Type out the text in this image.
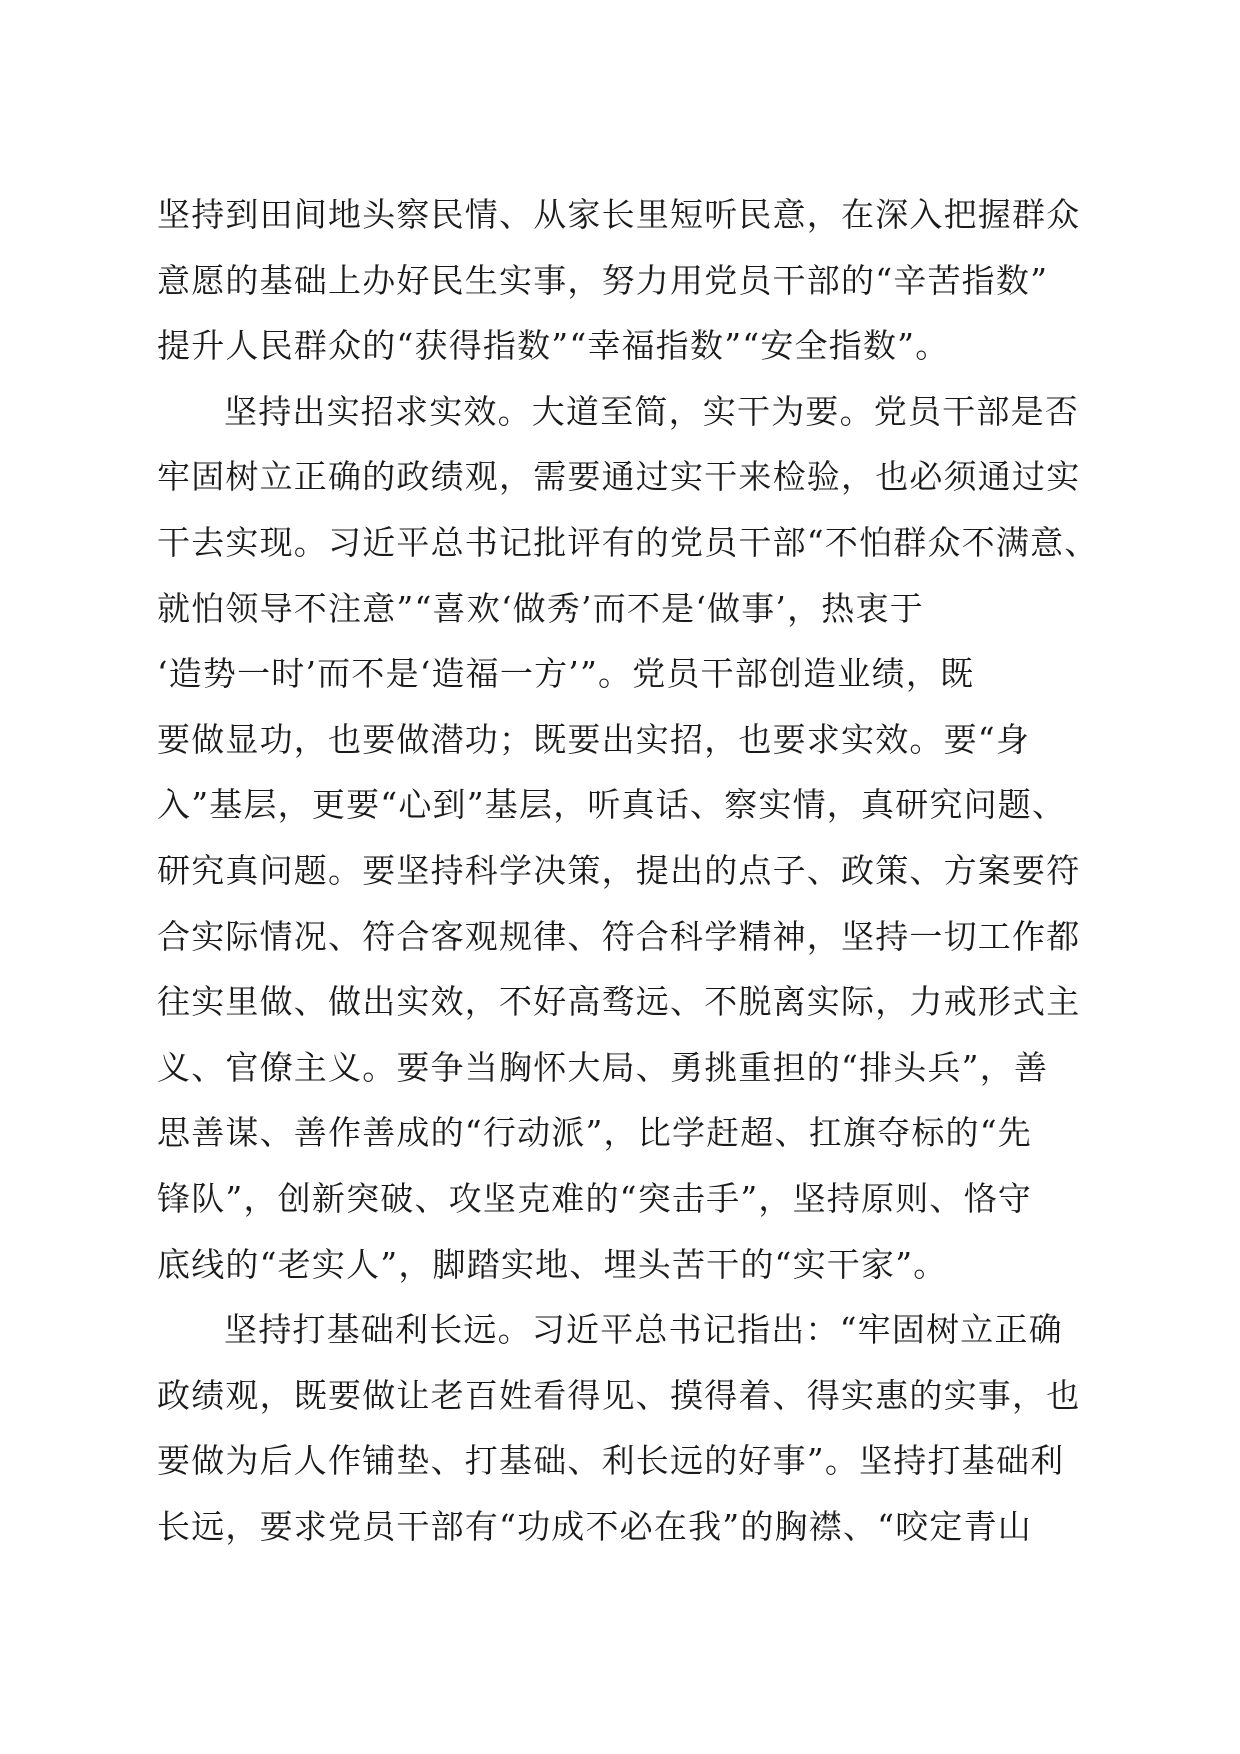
坚持到田间地头察民情、从家长里短听民意，在深入把握群众
意愿的基础上办好民生实事，努力用党员干部的“辛苦指数”
提升人民群众的“获得指数”“幸福指数”“安全指数”。
坚持出实招求实效。大道至简，实干为要。党员干部是否
牢固树立正确的政绩观，需要通过实干来检验，也必须通过实
干去实现。习近平总书记批评有的党员干部“不怕群众不满意、
就怕领导不注意”“喜欢‘做秀’而不是‘做事’，热衷于
‘造势一时’而不是‘造福一方’”。党员干部创造业绩，既
要做显功，也要做潜功；既要出实招，也要求实效。要“身
入”基层，更要“心到”基层，听真话、察实情，真研究问题、
研究真问题。要坚持科学决策，提出的点子、政策、方案要符
合实际情况、符合客观规律、符合科学精神，坚持一切工作都
往实里做、做出实效，不好高骛远、不脱离实际，力戒形式主
义、官僚主义。要争当胸怀大局、勇挑重担的“排头兵”，善
思善谋、善作善成的“行动派”，比学赶超、扛旗夺标的“先
锋队”，创新突破、攻坚克难的“突击手”，坚持原则、恪守
底线的“老实人”，脚踏实地、埋头苦干的“实干家”。
坚持打基础利长远。习近平总书记指出：“牢固树立正确
政绩观，既要做让老百姓看得见、摸得着、得实惠的实事，也
要做为后人作铺垫、打基础、利长远的好事”。坚持打基础利
长远，要求党员干部有“功成不必在我”的胸襟、“咬定青山
